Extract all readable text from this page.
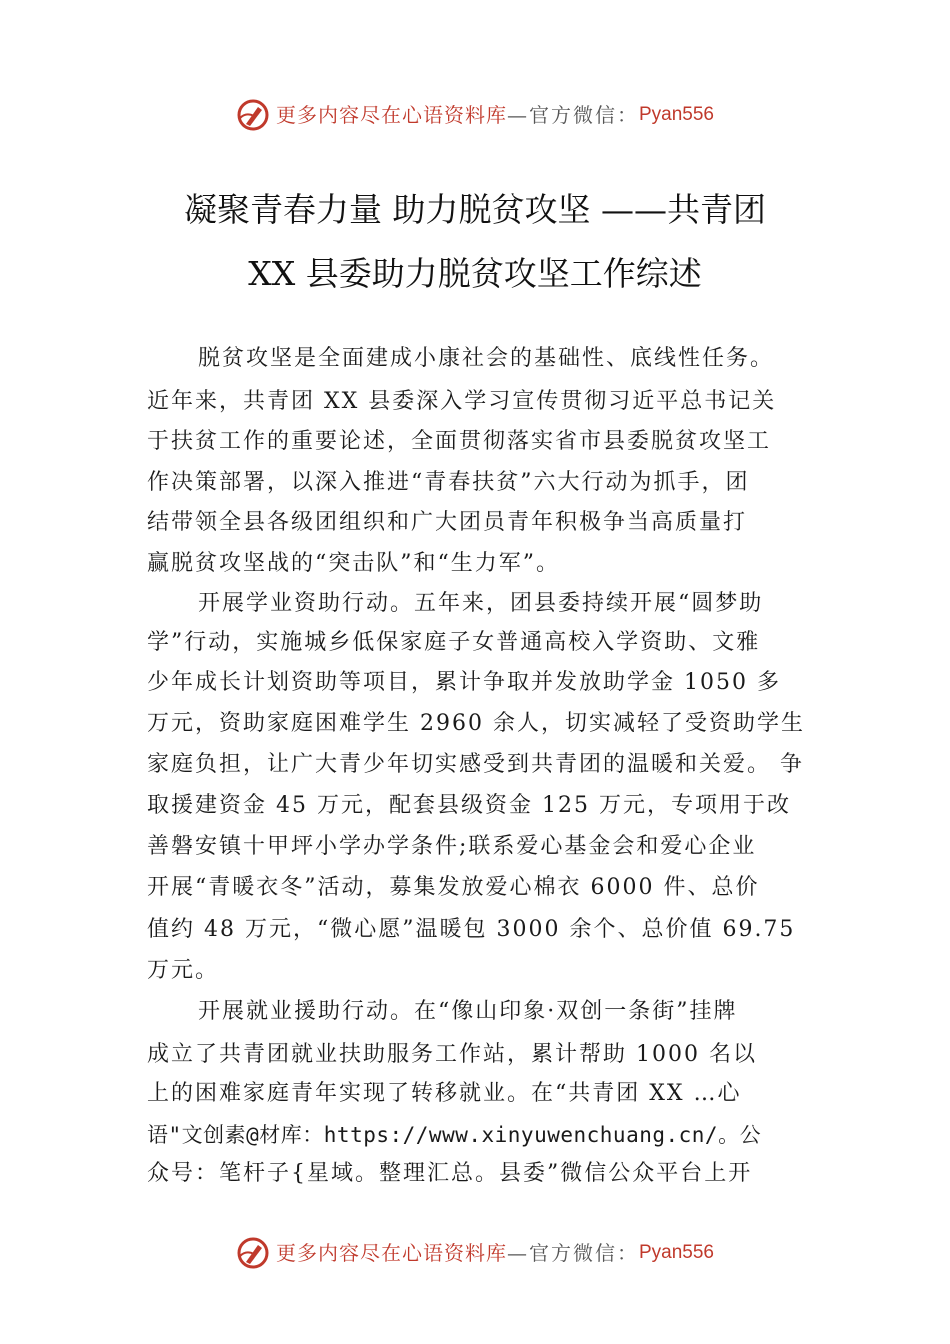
更多内容尽在心语资料库 —官方微信： Pyan556
凝聚青春力量 助力脱贫攻坚 ——共青团
XX 县委助力脱贫攻坚工作综述
脱贫攻坚是全面建成小康社会的基础性、底线性任务。
近年来，共青团 XX 县委深入学习宣传贯彻习近平总书记关
于扶贫工作的重要论述，全面贯彻落实省市县委脱贫攻坚工
作决策部署，以深入推进“青春扶贫”六大行动为抓手，团
结带领全县各级团组织和广大团员青年积极争当高质量打
赢脱贫攻坚战的“突击队”和“生力军”。
开展学业资助行动。五年来，团县委持续开展“圆梦助
学”行动，实施城乡低保家庭子女普通高校入学资助、文雅
少年成长计划资助等项目，累计争取并发放助学金 1050 多
万元，资助家庭困难学生 2960 余人，切实减轻了受资助学生
家庭负担，让广大青少年切实感受到共青团的温暖和关爱。 争
取援建资金 45 万元，配套县级资金 125 万元，专项用于改
善磐安镇十甲坪小学办学条件;联系爱心基金会和爱心企业
开展“青暖衣冬”活动，募集发放爱心棉衣 6000 件、总价
值约 48 万元，“微心愿”温暖包 3000 余个、总价值 69.75
万元。
开展就业援助行动。在“像山印象·双创一条街”挂牌
成立了共青团就业扶助服务工作站，累计帮助 1000 名以
上的困难家庭青年实现了转移就业。在“共青团 XX …心
语"文创素@材库：https://www.xinyuwenchuang.cn/。公
众号：笔杆子{星域。整理汇总。县委”微信公众平台上开
更多内容尽在心语资料库 —官方微信： Pyan556
